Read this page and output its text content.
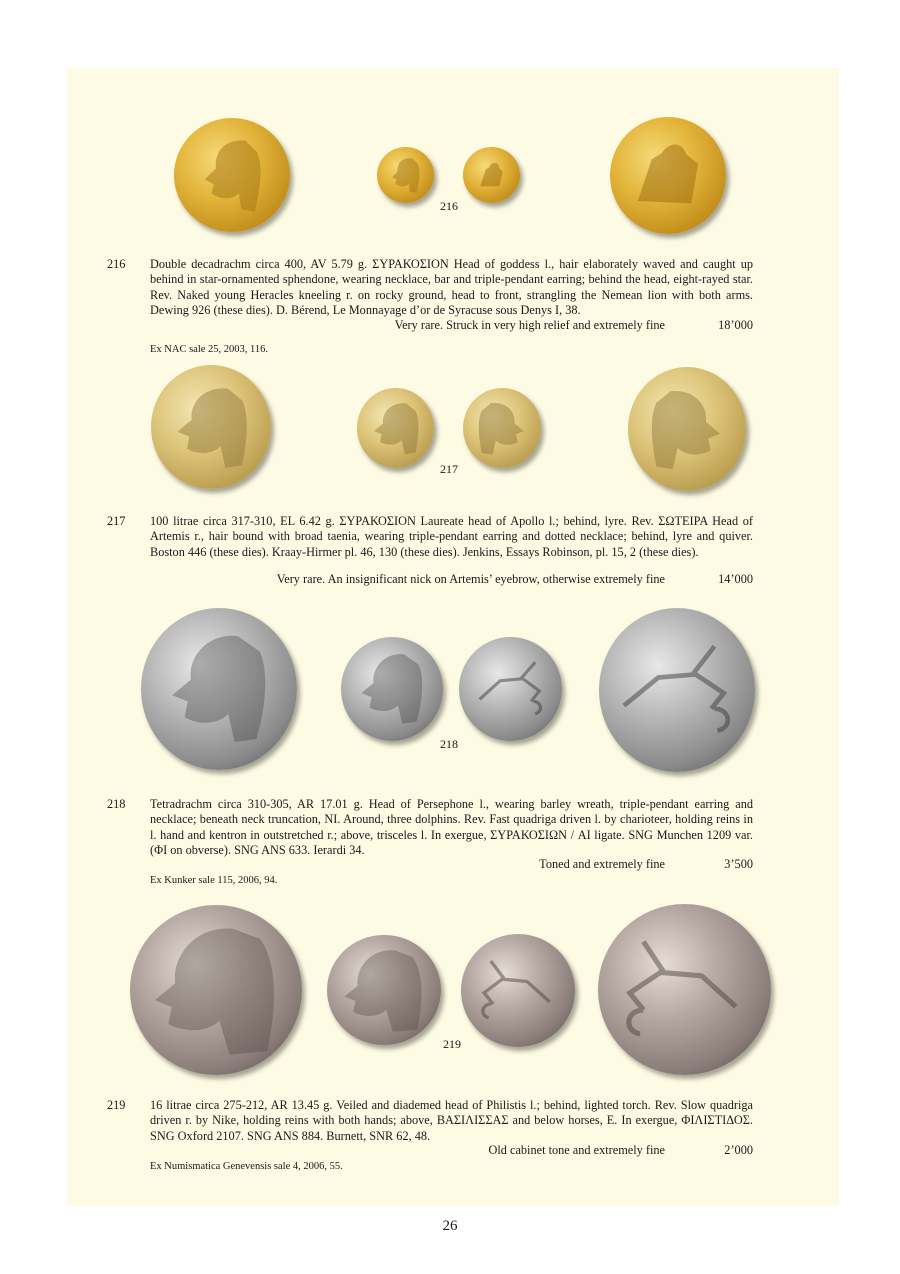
216
216 Double decadrachm circa 400, AV 5.79 g. ΣΥΡΑΚΟΣΙΟΝ Head of goddess l., hair elaborately waved and caught up behind in star-ornamented sphendone, wearing necklace, bar and triple-pendant earring; behind the head, eight-rayed star. Rev. Naked young Heracles kneeling r. on rocky ground, head to front, strangling the Nemean lion with both arms. Dewing 926 (these dies). D. Bérend, Le Monnayage d’or de Syracuse sous Denys I, 38.
Very rare. Struck in very high relief and extremely fine	18’000
Ex NAC sale 25, 2003, 116.
217
217 100 litrae circa 317-310, EL 6.42 g. ΣΥΡΑΚΟΣΙΟΝ Laureate head of Apollo l.; behind, lyre. Rev. ΣΩΤΕΙΡΑ Head of Artemis r., hair bound with broad taenia, wearing triple-pendant earring and dotted necklace; behind, lyre and quiver. Boston 446 (these dies). Kraay-Hirmer pl. 46, 130 (these dies). Jenkins, Essays Robinson, pl. 15, 2 (these dies).
Very rare. An insignificant nick on Artemis’ eyebrow, otherwise extremely fine	14’000
218
218 Tetradrachm circa 310-305, AR 17.01 g. Head of Persephone l., wearing barley wreath, triple-pendant earring and necklace; beneath neck truncation, NI. Around, three dolphins. Rev. Fast quadriga driven l. by charioteer, holding reins in l. hand and kentron in outstretched r.; above, trisceles l. In exergue, ΣΥΡΑΚΟΣΙΩΝ / AI ligate. SNG Munchen 1209 var. (ΦI on obverse). SNG ANS 633. Ierardi 34.
Toned and extremely fine	3’500
Ex Kunker sale 115, 2006, 94.
219
219 16 litrae circa 275-212, AR 13.45 g. Veiled and diademed head of Philistis l.; behind, lighted torch. Rev. Slow quadriga driven r. by Nike, holding reins with both hands; above, ΒΑΣΙΛΙΣΣΑΣ and below horses, E. In exergue, ΦΙΛΙΣΤΙΔΟΣ. SNG Oxford 2107. SNG ANS 884. Burnett, SNR 62, 48.
Old cabinet tone and extremely fine	2’000
Ex Numismatica Genevensis sale 4, 2006, 55.
26
